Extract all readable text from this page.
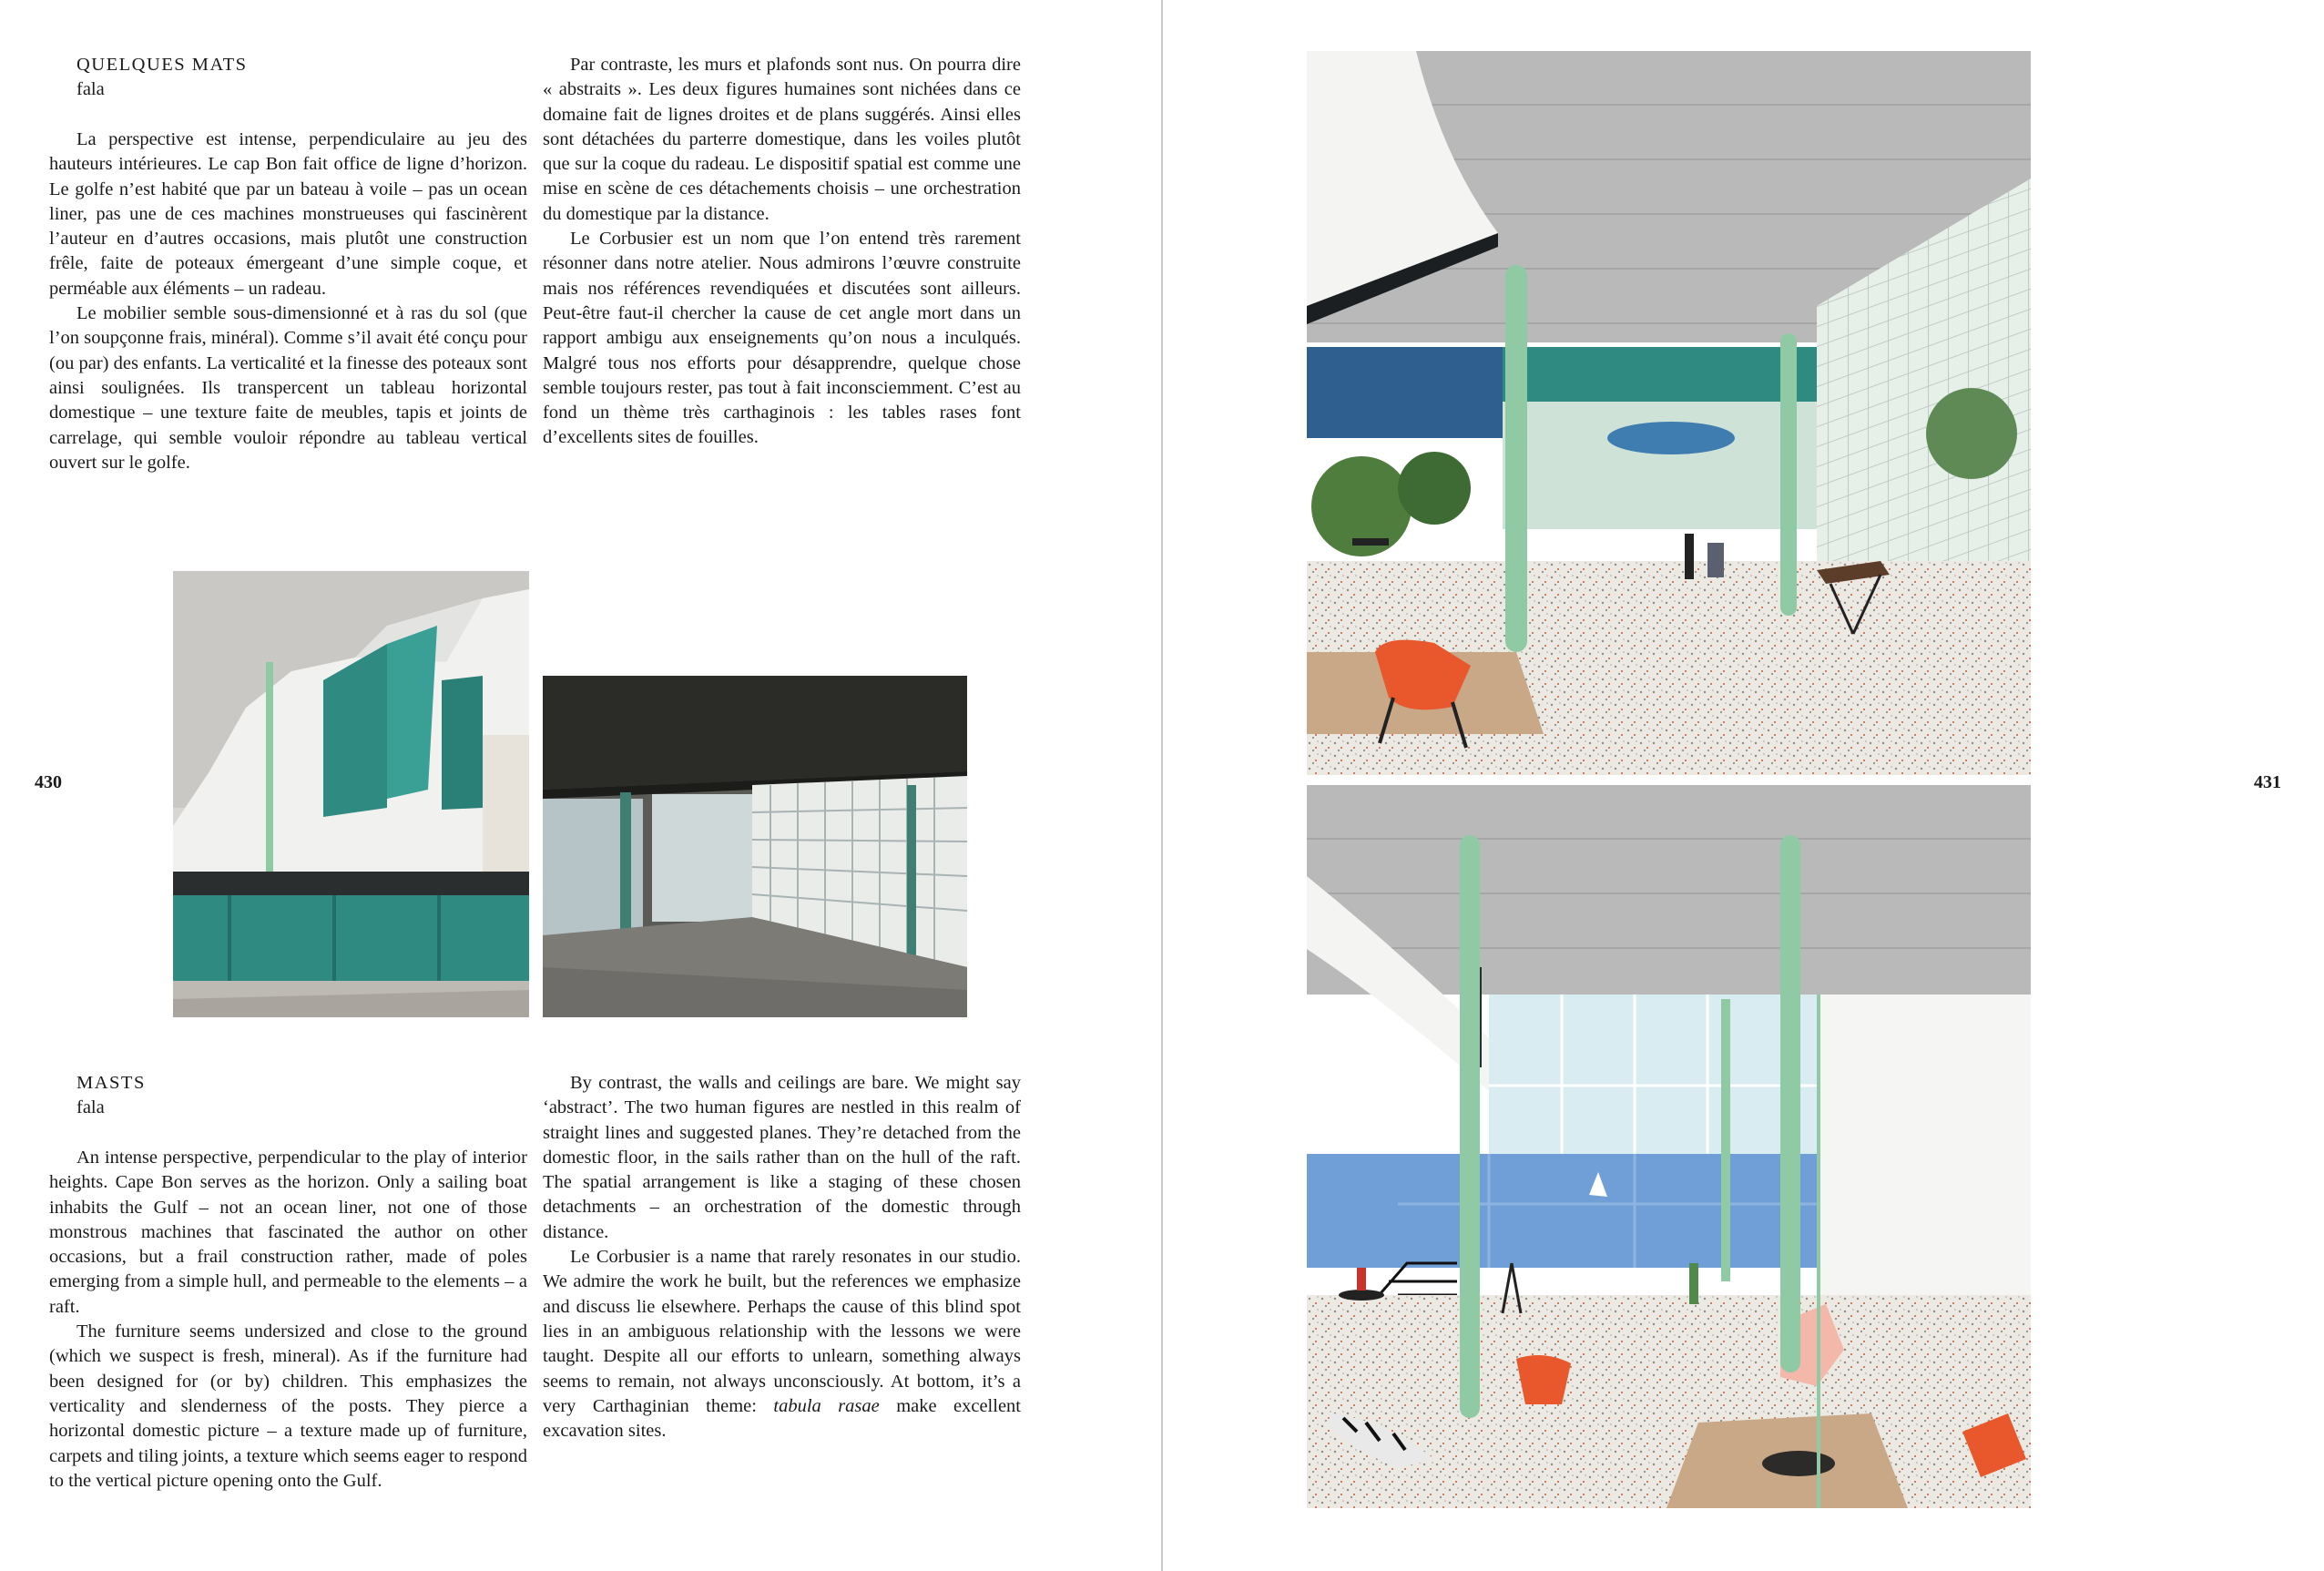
QUELQUES MATS
fala

La perspective est intense, perpendiculaire au jeu des hauteurs intérieures. Le cap Bon fait office de ligne d’horizon. Le golfe n’est habité que par un bateau à voile – pas un ocean liner, pas une de ces machines monstrueuses qui fascinèrent l’auteur en d’autres occasions, mais plutôt une construction frêle, faite de poteaux émergeant d’une simple coque, et perméable aux éléments – un radeau.

Le mobilier semble sous-dimensionné et à ras du sol (que l’on soupçonne frais, minéral). Comme s’il avait été conçu pour (ou par) des enfants. La verticalité et la finesse des poteaux sont ainsi soulignées. Ils transpercent un tableau horizontal domestique – une texture faite de meubles, tapis et joints de carrelage, qui semble vouloir répondre au tableau vertical ouvert sur le golfe.

Par contraste, les murs et plafonds sont nus. On pourra dire « abstraits ». Les deux figures humaines sont nichées dans ce domaine fait de lignes droites et de plans suggérés. Ainsi elles sont détachées du parterre domestique, dans les voiles plutôt que sur la coque du radeau. Le dispositif spatial est comme une mise en scène de ces détachements choisis – une orchestration du domestique par la distance.

Le Corbusier est un nom que l’on entend très rarement résonner dans notre atelier. Nous admirons l’œuvre construite mais nos références revendiquées et discutées sont ailleurs. Peut-être faut-il chercher la cause de cet angle mort dans un rapport ambigu aux enseignements qu’on nous a inculqués. Malgré tous nos efforts pour désapprendre, quelque chose semble toujours rester, pas tout à fait inconsciemment. C’est au fond un thème très carthaginois : les tables rases font d’excellents sites de fouilles.

430
MASTS
fala

An intense perspective, perpendicular to the play of interior heights. Cape Bon serves as the horizon. Only a sailing boat inhabits the Gulf – not an ocean liner, not one of those monstrous machines that fascinated the author on other occasions, but a frail construction rather, made of poles emerging from a simple hull, and permeable to the elements – a raft.

The furniture seems undersized and close to the ground (which we suspect is fresh, mineral). As if the furniture had been designed for (or by) children. This emphasizes the verticality and slenderness of the posts. They pierce a horizontal domestic picture – a texture made up of furniture, carpets and tiling joints, a texture which seems eager to respond to the vertical picture opening onto the Gulf.

By contrast, the walls and ceilings are bare. We might say ‘abstract’. The two human figures are nestled in this realm of straight lines and suggested planes. They’re detached from the domestic floor, in the sails rather than on the hull of the raft. The spatial arrangement is like a staging of these chosen detachments – an orchestration of the domestic through distance.

Le Corbusier is a name that rarely resonates in our studio. We admire the work he built, but the references we emphasize and discuss lie elsewhere. Perhaps the cause of this blind spot lies in an ambiguous relationship with the lessons we were taught. Despite all our efforts to unlearn, something always seems to remain, not always unconsciously. At bottom, it’s a very Carthaginian theme: tabula rasae make excellent excavation sites.

431
